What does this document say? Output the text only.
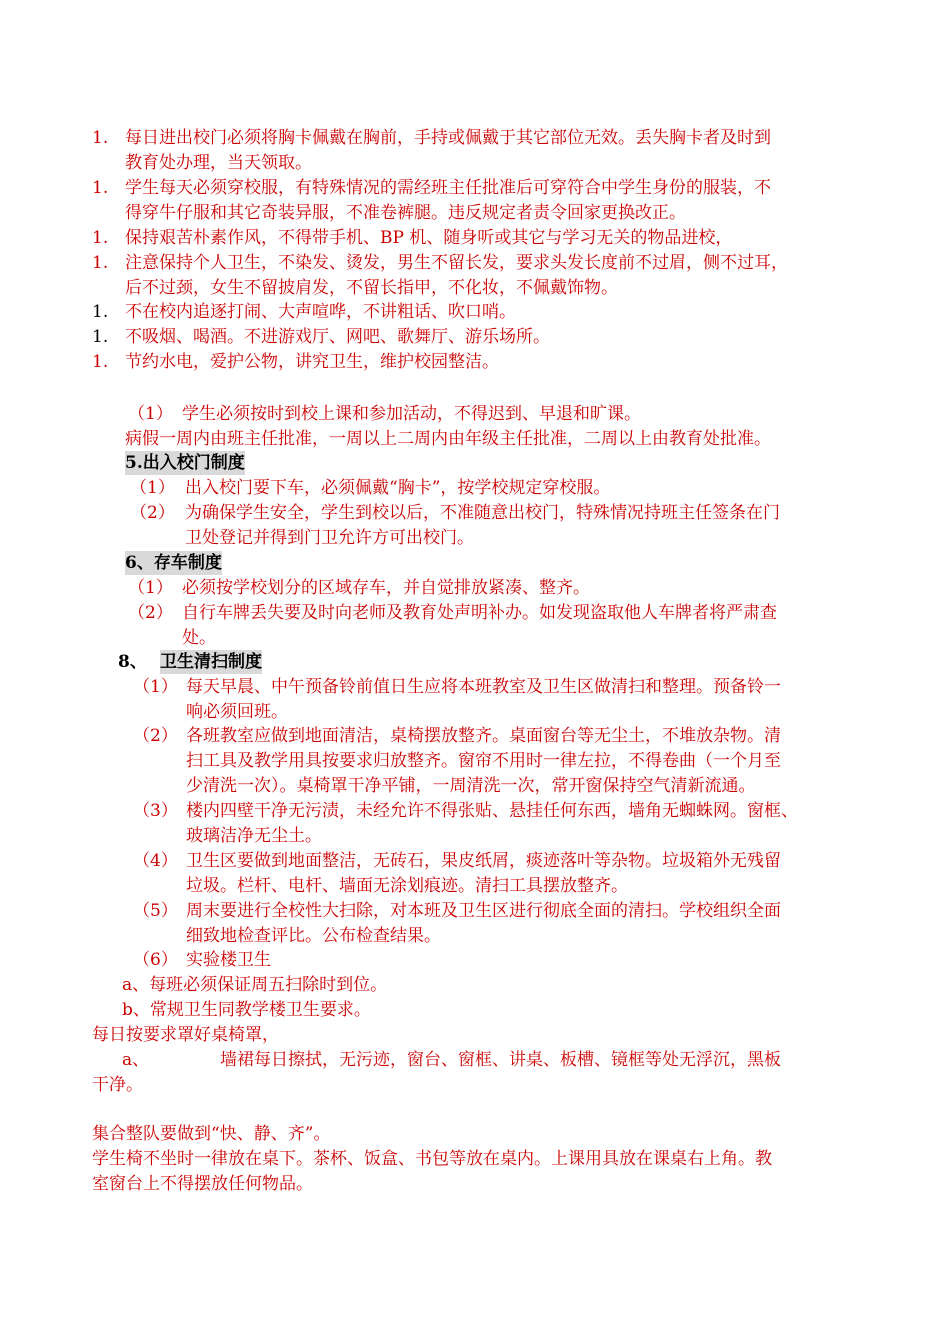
1. 每日进出校门必须将胸卡佩戴在胸前，手持或佩戴于其它部位无效。丢失胸卡者及时到
教育处办理，当天领取。
1. 学生每天必须穿校服，有特殊情况的需经班主任批准后可穿符合中学生身份的服装，不
得穿牛仔服和其它奇装异服，不准卷裤腿。违反规定者责令回家更换改正。
1. 保持艰苦朴素作风，不得带手机、BP 机、随身听或其它与学习无关的物品进校，
1. 注意保持个人卫生，不染发、烫发，男生不留长发，要求头发长度前不过眉，侧不过耳，
后不过颈，女生不留披肩发，不留长指甲，不化妆，不佩戴饰物。
1. 不在校内追逐打闹、大声喧哗，不讲粗话、吹口哨。
1. 不吸烟、喝酒。不进游戏厅、网吧、歌舞厅、游乐场所。
1. 节约水电，爱护公物，讲究卫生，维护校园整洁。
（1） 学生必须按时到校上课和参加活动，不得迟到、早退和旷课。
病假一周内由班主任批准，一周以上二周内由年级主任批准，二周以上由教育处批准。
5.出入校门制度
（1） 出入校门要下车，必须佩戴“胸卡”，按学校规定穿校服。
（2） 为确保学生安全，学生到校以后，不准随意出校门，特殊情况持班主任签条在门
卫处登记并得到门卫允许方可出校门。
6、存车制度
（1） 必须按学校划分的区域存车，并自觉排放紧凑、整齐。
（2） 自行车牌丢失要及时向老师及教育处声明补办。如发现盗取他人车牌者将严肃查
处。
8、 卫生清扫制度
（1） 每天早晨、中午预备铃前值日生应将本班教室及卫生区做清扫和整理。预备铃一
响必须回班。
（2） 各班教室应做到地面清洁，桌椅摆放整齐。桌面窗台等无尘土，不堆放杂物。清
扫工具及教学用具按要求归放整齐。窗帘不用时一律左拉，不得卷曲（一个月至
少清洗一次）。桌椅罩干净平铺，一周清洗一次，常开窗保持空气清新流通。
（3） 楼内四壁干净无污渍，未经允许不得张贴、悬挂任何东西，墙角无蜘蛛网。窗框、
玻璃洁净无尘土。
（4） 卫生区要做到地面整洁，无砖石，果皮纸屑，痰迹落叶等杂物。垃圾箱外无残留
垃圾。栏杆、电杆、墙面无涂划痕迹。清扫工具摆放整齐。
（5） 周末要进行全校性大扫除，对本班及卫生区进行彻底全面的清扫。学校组织全面
细致地检查评比。公布检查结果。
（6） 实验楼卫生
a、每班必须保证周五扫除时到位。
b、常规卫生同教学楼卫生要求。
每日按要求罩好桌椅罩，
a、	墙裙每日擦拭，无污迹，窗台、窗框、讲桌、板槽、镜框等处无浮沉，黑板
干净。
集合整队要做到“快、静、齐”。
学生椅不坐时一律放在桌下。茶杯、饭盒、书包等放在桌内。上课用具放在课桌右上角。教
室窗台上不得摆放任何物品。
